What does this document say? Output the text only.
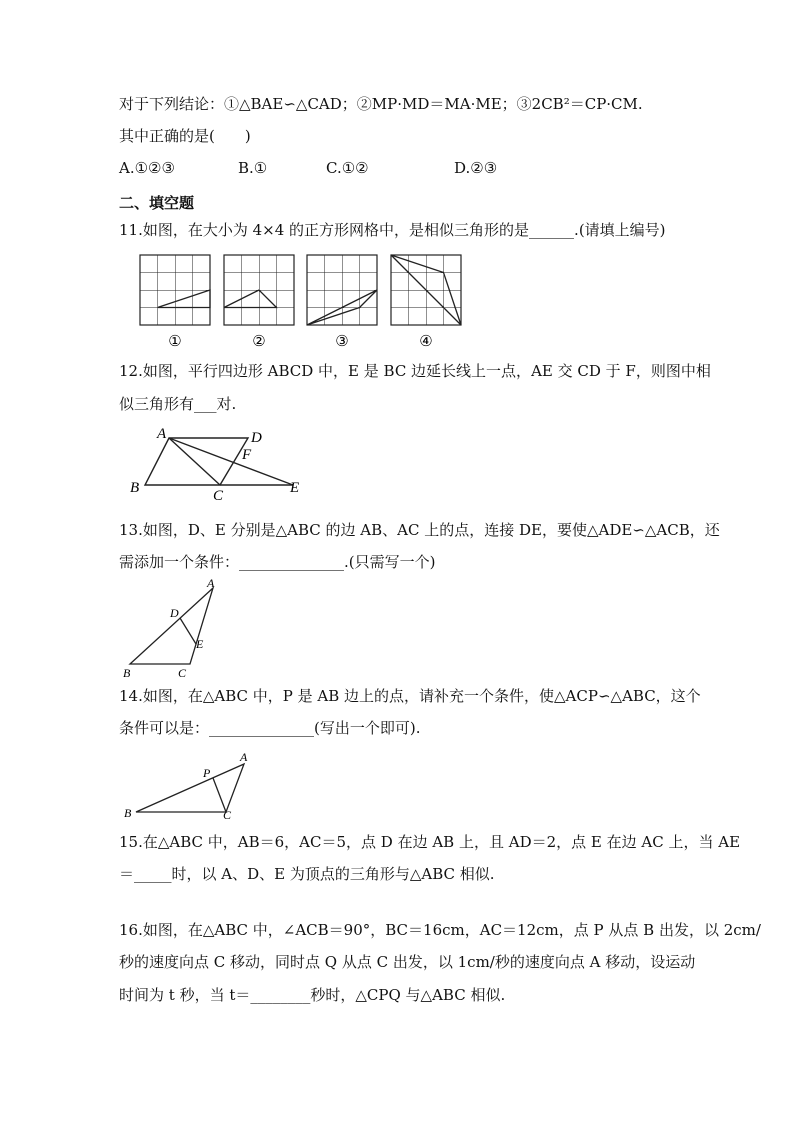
对于下列结论：①△BAE∽△CAD；②MP·MD＝MA·ME；③2CB²＝CP·CM.
其中正确的是(　　)
A.①②③	B.①	C.①②	D.②③
二、填空题
11.如图，在大小为 4×4 的正方形网格中，是相似三角形的是______.(请填上编号)
①	②	③	④
12.如图，平行四边形 ABCD 中，E 是 BC 边延长线上一点，AE 交 CD 于 F，则图中相
似三角形有___对.
A	D
F
B	C	E
13.如图，D、E 分别是△ABC 的边 AB、AC 上的点，连接 DE，要使△ADE∽△ACB，还
需添加一个条件：______________.(只需写一个)
A
D
E
B	C
14.如图，在△ABC 中，P 是 AB 边上的点，请补充一个条件，使△ACP∽△ABC，这个
条件可以是：______________(写出一个即可).
P
A
B	C
15.在△ABC 中，AB＝6，AC＝5，点 D 在边 AB 上，且 AD＝2，点 E 在边 AC 上，当 AE
＝_____时，以 A、D、E 为顶点的三角形与△ABC 相似.
16.如图，在△ABC 中，∠ACB＝90°，BC＝16cm，AC＝12cm，点 P 从点 B 出发，以 2cm/
秒的速度向点 C 移动，同时点 Q 从点 C 出发，以 1cm/秒的速度向点 A 移动，设运动
时间为 t 秒，当 t＝________秒时，△CPQ 与△ABC 相似.
